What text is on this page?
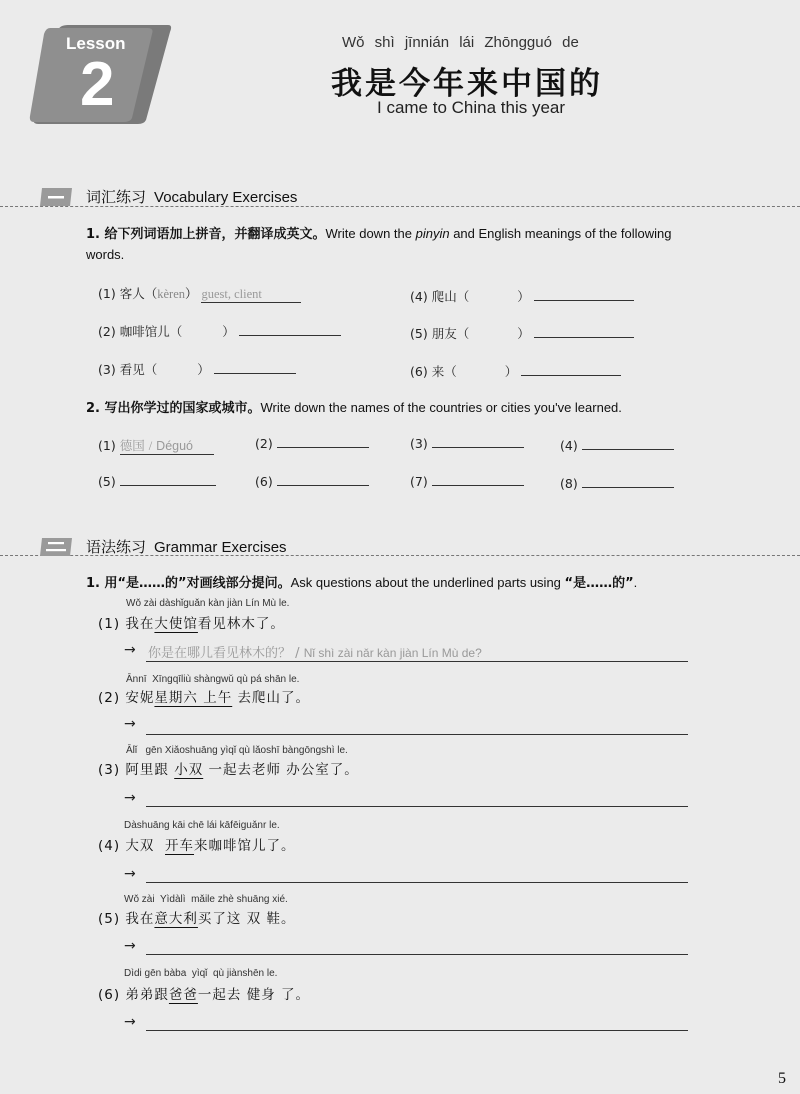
Lesson
2
Wǒ shì jīnnián lái Zhōngguó de
我是今年来中国的
I came to China this year
词汇练习 Vocabulary Exercises
1. 给下列词语加上拼音，并翻译成英文。Write down the pinyin and English meanings of the following
words.
(1) 客人（kèren） guest, client
(2) 咖啡馆儿（	）
(3) 看见（	）
(4) 爬山（	）
(5) 朋友（	）
(6) 来（	）
2. 写出你学过的国家或城市。Write down the names of the countries or cities you've learned.
(1) 德国 / Déguó	(2)	(3)	(4)
(5)	(6)	(7)	(8)
语法练习 Grammar Exercises
1. 用“是……的”对画线部分提问。Ask questions about the underlined parts using “是……的”.
Wǒ zài dàshǐguǎn kàn jiàn Lín Mù le.
(1) 我在大使馆看见林木了。
→ 你是在哪儿看见林木的？ / Nǐ shì zài nǎr kàn jiàn Lín Mù de?
Ānnī  Xīngqīliù shàngwǔ qù pá shān le.
(2) 安妮星期六 上午 去爬山了。
→
Ālǐ   gēn Xiǎoshuāng yìqǐ qù lǎoshī bàngōngshì le.
(3) 阿里跟 小双 一起去老师 办公室了。
→
Dàshuāng kāi chē lái kāfēiguǎnr le.
(4) 大双  开车来咖啡馆儿了。
→
Wǒ zài  Yìdàlì  mǎile zhè shuāng xié.
(5) 我在意大利买了这 双 鞋。
→
Dìdi gēn bàba  yìqǐ  qù jiànshēn le.
(6) 弟弟跟爸爸一起去 健身 了。
→
5
